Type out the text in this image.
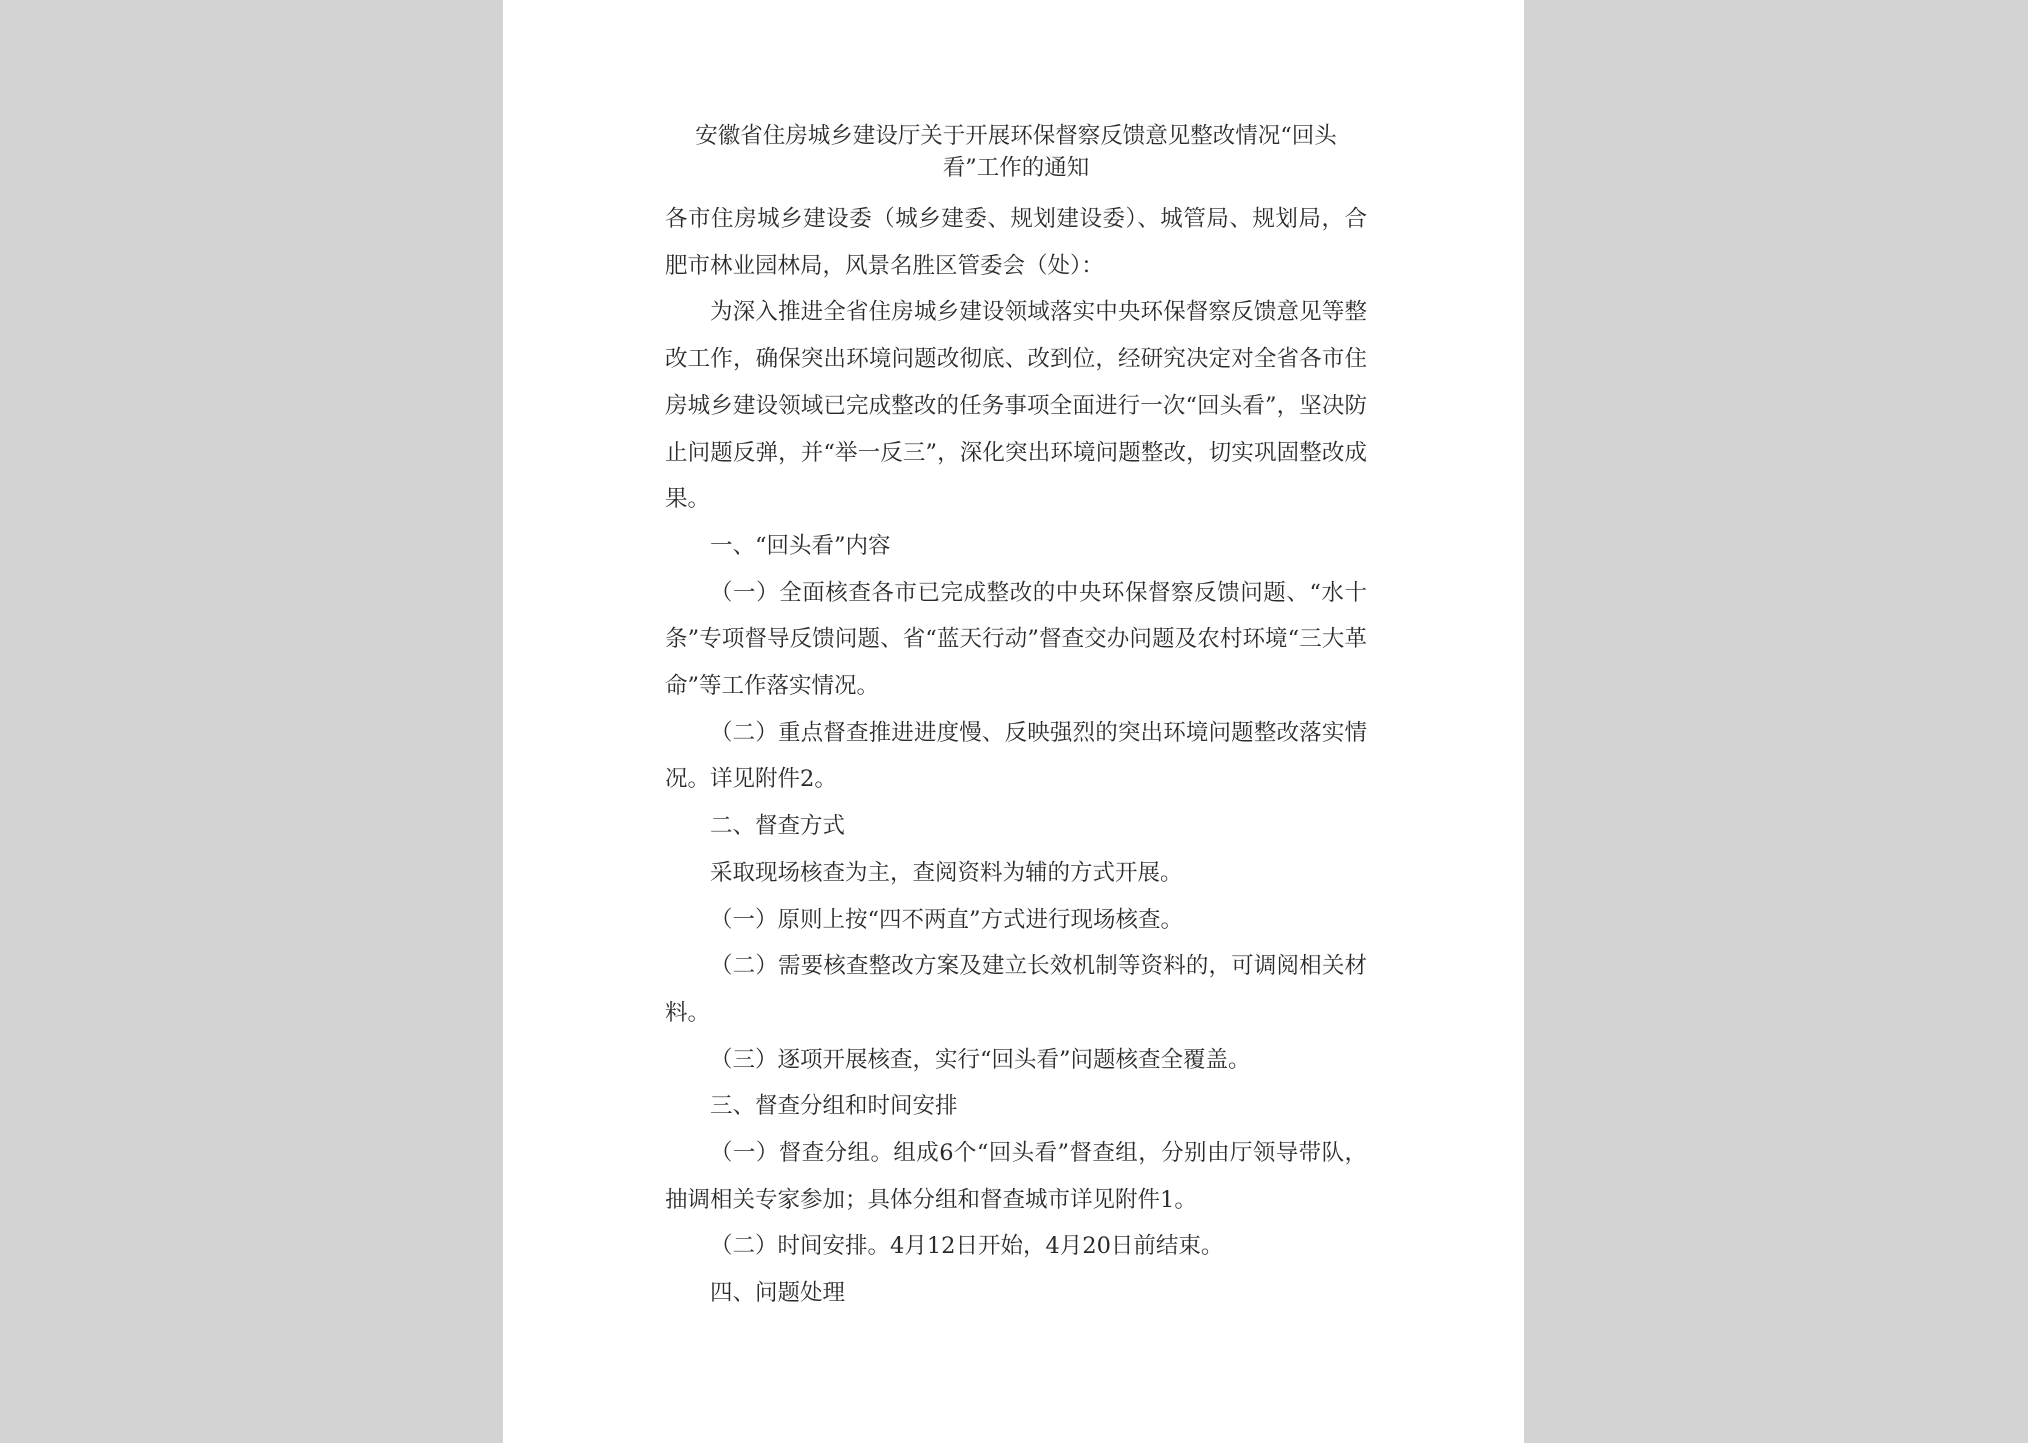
安徽省住房城乡建设厅关于开展环保督察反馈意见整改情况“回头
看”工作的通知

各市住房城乡建设委（城乡建委、规划建设委）、城管局、规划局，合肥市林业园林局，风景名胜区管委会（处）：

为深入推进全省住房城乡建设领域落实中央环保督察反馈意见等整改工作，确保突出环境问题改彻底、改到位，经研究决定对全省各市住房城乡建设领域已完成整改的任务事项全面进行一次“回头看”，坚决防止问题反弹，并“举一反三”，深化突出环境问题整改，切实巩固整改成果。

一、“回头看”内容

（一）全面核查各市已完成整改的中央环保督察反馈问题、“水十条”专项督导反馈问题、省“蓝天行动”督查交办问题及农村环境“三大革命”等工作落实情况。

（二）重点督查推进进度慢、反映强烈的突出环境问题整改落实情况。详见附件2。

二、督查方式

采取现场核查为主，查阅资料为辅的方式开展。

（一）原则上按“四不两直”方式进行现场核查。

（二）需要核查整改方案及建立长效机制等资料的，可调阅相关材料。

（三）逐项开展核查，实行“回头看”问题核查全覆盖。

三、督查分组和时间安排

（一）督查分组。组成6个“回头看”督查组，分别由厅领导带队，抽调相关专家参加；具体分组和督查城市详见附件1。

（二）时间安排。4月12日开始，4月20日前结束。

四、问题处理
